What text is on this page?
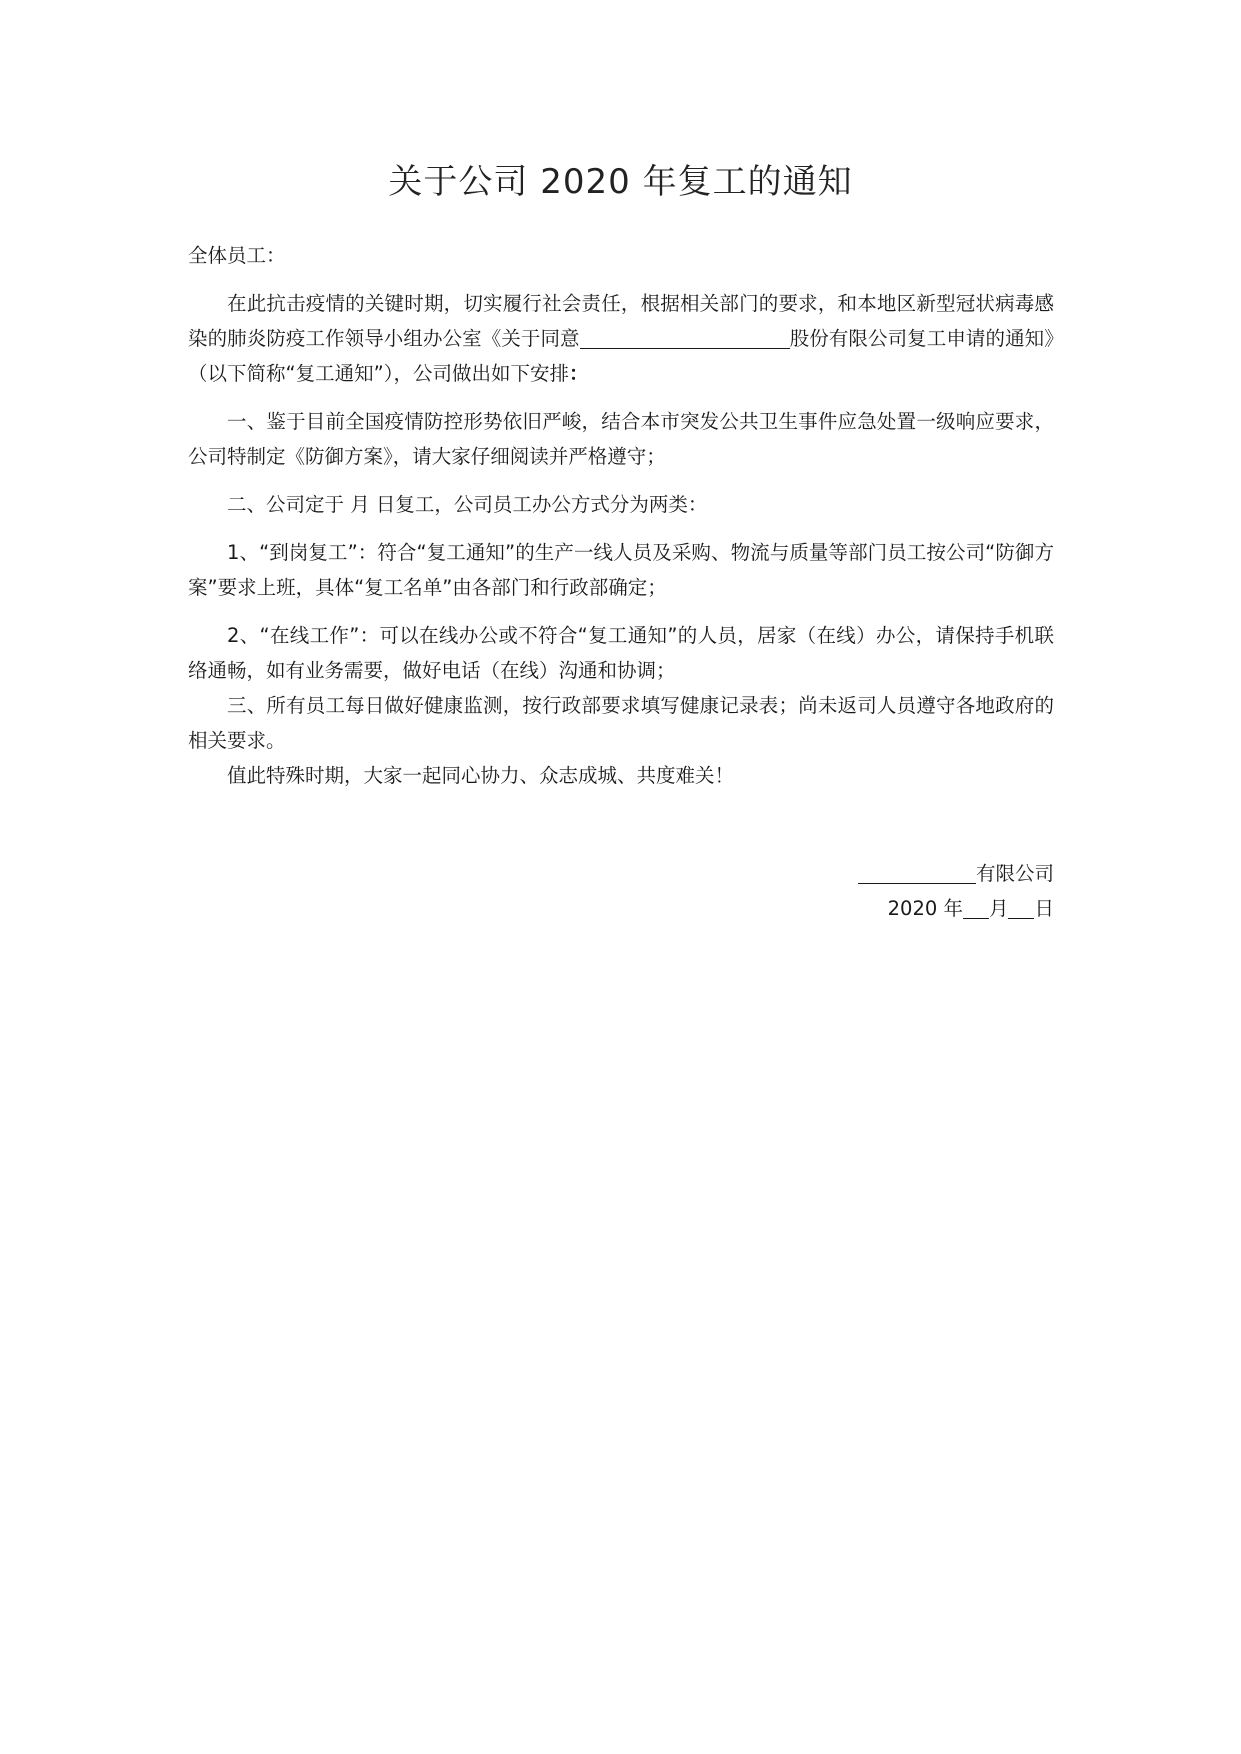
关于公司 2020 年复工的通知

全体员工：

在此抗击疫情的关键时期，切实履行社会责任，根据相关部门的要求，和本地区新型冠状病毒感染的肺炎防疫工作领导小组办公室《关于同意	股份有限公司复工申请的通知》（以下简称“复工通知”），公司做出如下安排：

一、鉴于目前全国疫情防控形势依旧严峻，结合本市突发公共卫生事件应急处置一级响应要求，公司特制定《防御方案》，请大家仔细阅读并严格遵守；

二、公司定于 月 日复工，公司员工办公方式分为两类：

1、“到岗复工”：符合“复工通知”的生产一线人员及采购、物流与质量等部门员工按公司“防御方案”要求上班，具体“复工名单”由各部门和行政部确定；

2、“在线工作”：可以在线办公或不符合“复工通知”的人员，居家（在线）办公，请保持手机联络通畅，如有业务需要，做好电话（在线）沟通和协调；

三、所有员工每日做好健康监测，按行政部要求填写健康记录表；尚未返司人员遵守各地政府的相关要求。

值此特殊时期，大家一起同心协力、众志成城、共度难关！

有限公司
2020 年 月 日
